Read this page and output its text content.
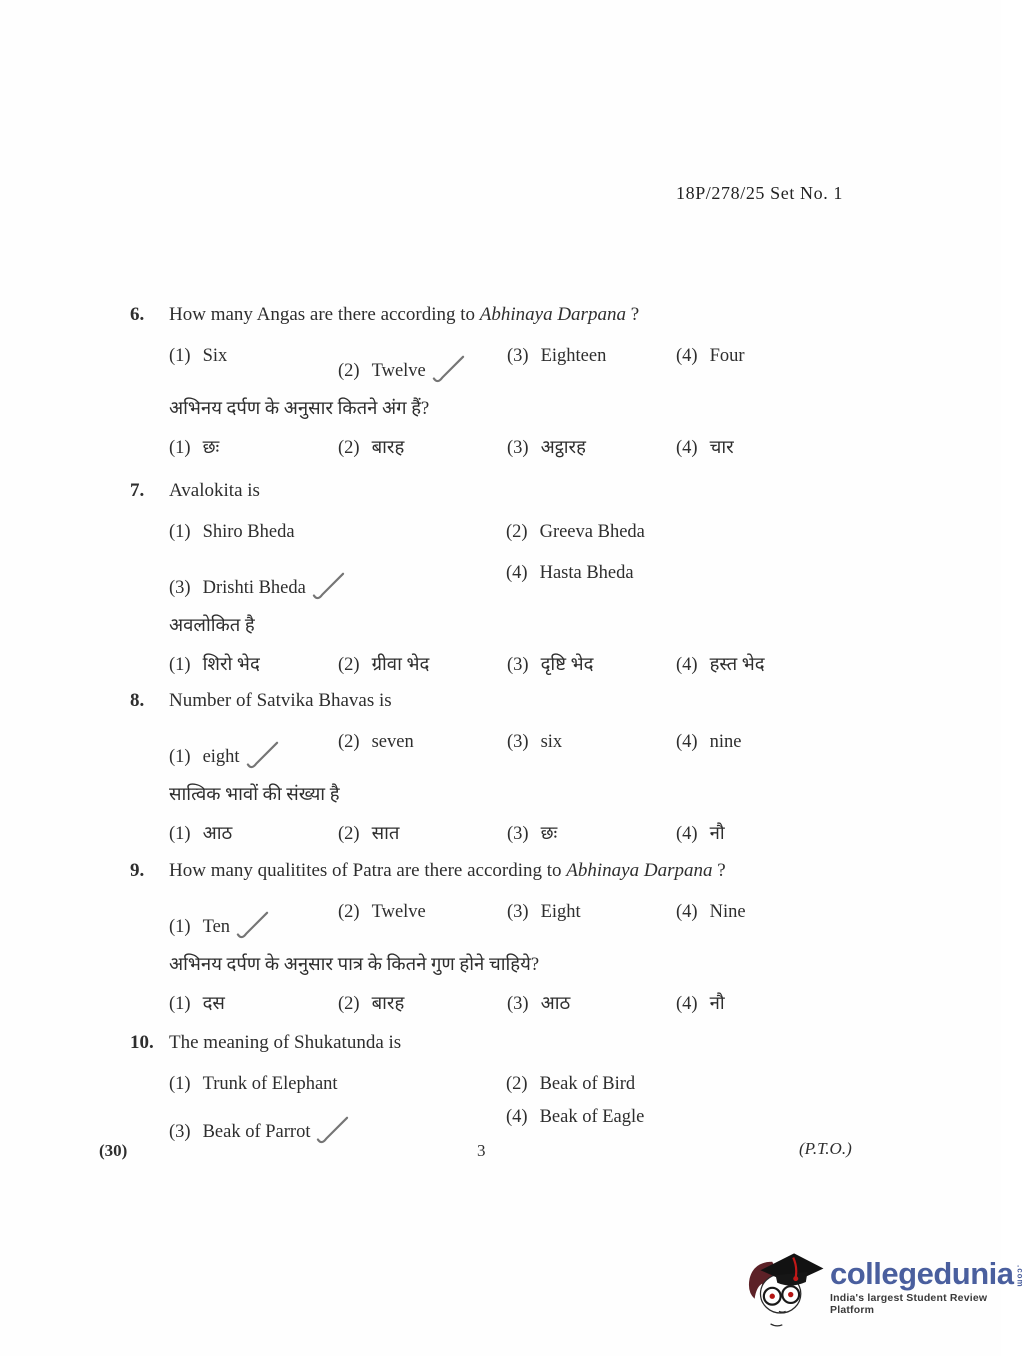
18P/278/25 Set No. 1
6.	How many Angas are there according to Abhinaya Darpana ?
(1) Six
(2) Twelve
(3) Eighteen	(4) Four
अभिनय दर्पण के अनुसार कितने अंग हैं?
(1) छः	(2) बारह	(3) अट्ठारह	(4) चार
7.	Avalokita is
(1) Shiro Bheda	(2) Greeva Bheda
(3) Drishti Bheda
(4) Hasta Bheda
अवलोकित है
(1) शिरो भेद	(2) ग्रीवा भेद	(3) दृष्टि भेद	(4) हस्त भेद
8.	Number of Satvika Bhavas is
(1) eight
(2) seven	(3) six	(4) nine
सात्विक भावों की संख्या है
(1) आठ	(2) सात	(3) छः	(4) नौ
9.	How many qualitites of Patra are there according to Abhinaya Darpana ?
(1) Ten
(2) Twelve	(3) Eight	(4) Nine
अभिनय दर्पण के अनुसार पात्र के कितने गुण होने चाहिये?
(1) दस	(2) बारह	(3) आठ	(4) नौ
10. The meaning of Shukatunda is
(1) Trunk of Elephant	(2) Beak of Bird
(3) Beak of Parrot
(4) Beak of Eagle
(30)	3	(P.T.O.)
collegedunia .com
India's largest Student Review Platform
